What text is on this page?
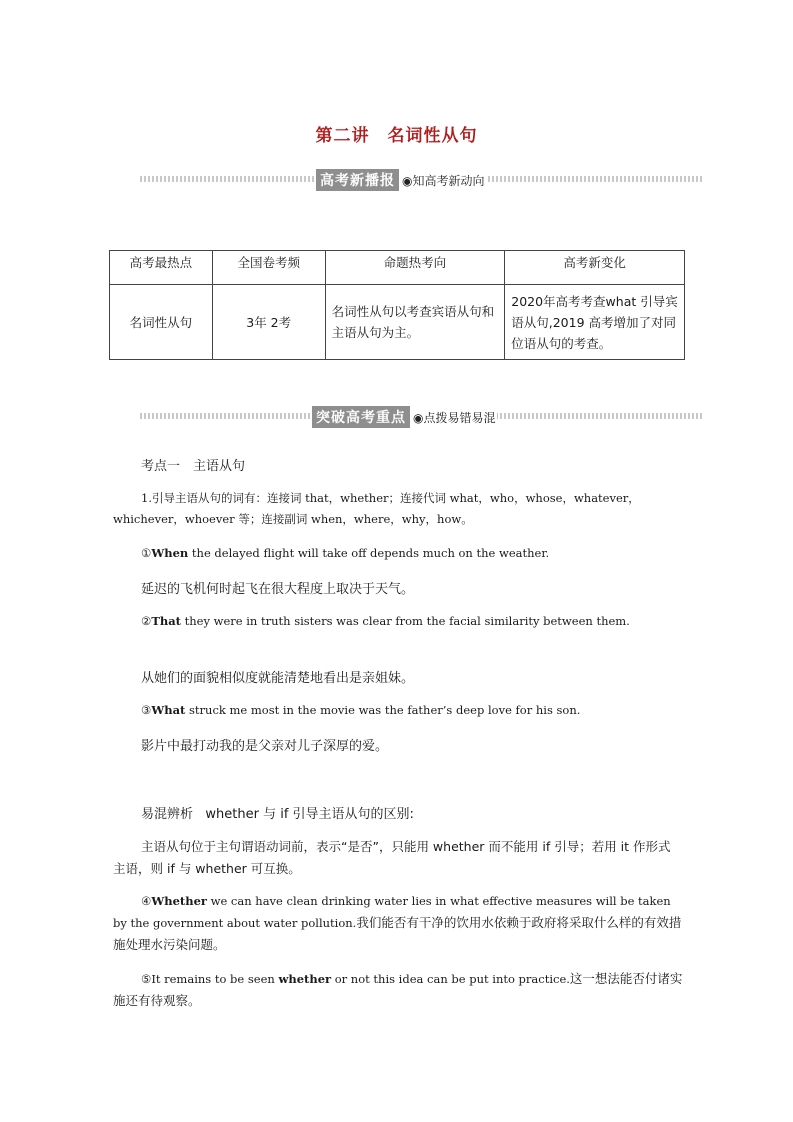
第二讲　名词性从句
高考新播报 ◉知高考新动向
高考最热点	全国卷考频	命题热考向	高考新变化
名词性从句	3年 2考	名词性从句以考查宾语从句和主语从句为主。	2020年高考考查what 引导宾语从句,2019 高考增加了对同位语从句的考查。
突破高考重点 ◉点拨易错易混
考点一　主语从句
1.引导主语从句的词有：连接词 that，whether；连接代词 what，who，whose，whatever，whichever，whoever 等；连接副词 when，where，why，how。
①When the delayed flight will take off depends much on the weather.
延迟的飞机何时起飞在很大程度上取决于天气。
②That they were in truth sisters was clear from the facial similarity between them.
从她们的面貌相似度就能清楚地看出是亲姐妹。
③What struck me most in the movie was the father’s deep love for his son.
影片中最打动我的是父亲对儿子深厚的爱。
易混辨析 whether 与 if 引导主语从句的区别:
主语从句位于主句谓语动词前，表示“是否”，只能用 whether 而不能用 if 引导；若用 it 作形式主语，则 if 与 whether 可互换。
④Whether we can have clean drinking water lies in what effective measures will be taken by the government about water pollution.我们能否有干净的饮用水依赖于政府将采取什么样的有效措施处理水污染问题。
⑤It remains to be seen whether or not this idea can be put into practice.这一想法能否付诸实施还有待观察。
